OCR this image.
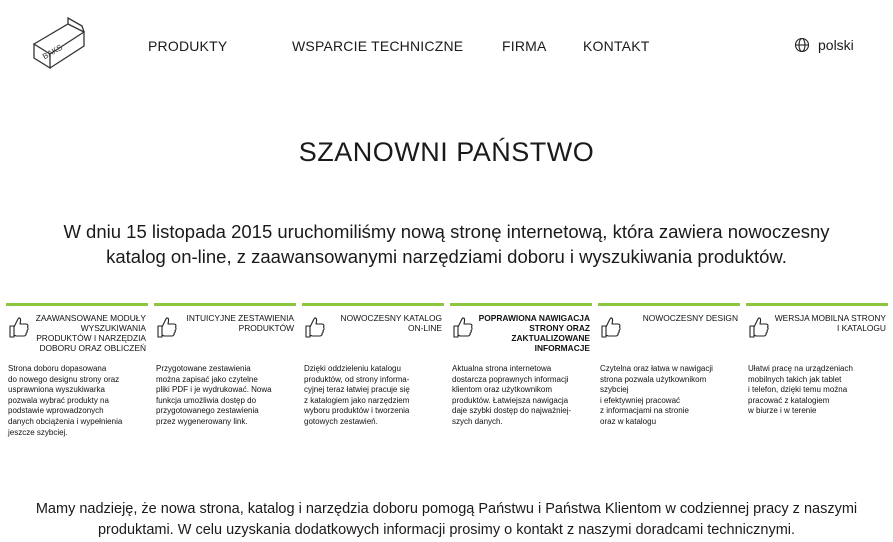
BAKS	PRODUKTY	WSPARCIE TECHNICZNE	FIRMA	KONTAKT	polski
SZANOWNI PAŃSTWO
W dniu 15 listopada 2015 uruchomiliśmy nową stronę internetową, która zawiera nowoczesny
katalog on-line, z zaawansowanymi narzędziami doboru i wyszukiwania produktów.
ZAAWANSOWANE MODUŁY WYSZUKIWANIA PRODUKTÓW I NARZĘDZIA DOBORU ORAZ OBLICZEŃ
Strona doboru dopasowana
do nowego designu strony oraz
usprawniona wyszukiwarka
pozwala wybrać produkty na
podstawie wprowadzonych
danych obciążenia i wypełnienia
jeszcze szybciej.
INTUICYJNE ZESTAWIENIA PRODUKTÓW
Przygotowane zestawienia
można zapisać jako czytelne
pliki PDF i je wydrukować. Nowa
funkcja umożliwia dostęp do
przygotowanego zestawienia
przez wygenerowany link.
NOWOCZESNY KATALOG ON-LINE
Dzięki oddzieleniu katalogu
produktów, od strony informa-
cyjnej teraz łatwiej pracuje się
z katalogiem jako narzędziem
wyboru produktów i tworzenia
gotowych zestawień.
POPRAWIONA NAWIGACJA STRONY ORAZ ZAKTUALIZOWANE INFORMACJE
Aktualna strona internetowa
dostarcza poprawnych informacji
klientom oraz użytkownikom
produktów. Łatwiejsza nawigacja
daje szybki dostęp do najważniej-
szych danych.
NOWOCZESNY DESIGN
Czytelna oraz łatwa w nawigacji
strona pozwala użytkownikom
szybciej
i efektywniej pracować
z informacjami na stronie
oraz w katalogu
WERSJA MOBILNA STRONY I KATALOGU
Ułatwi pracę na urządzeniach
mobilnych takich jak tablet
i telefon, dzięki temu można
pracować z katalogiem
w biurze i w terenie
Mamy nadzieję, że nowa strona, katalog i narzędzia doboru pomogą Państwu i Państwa Klientom w codziennej pracy z naszymi
produktami. W celu uzyskania dodatkowych informacji prosimy o kontakt z naszymi doradcami technicznymi.
